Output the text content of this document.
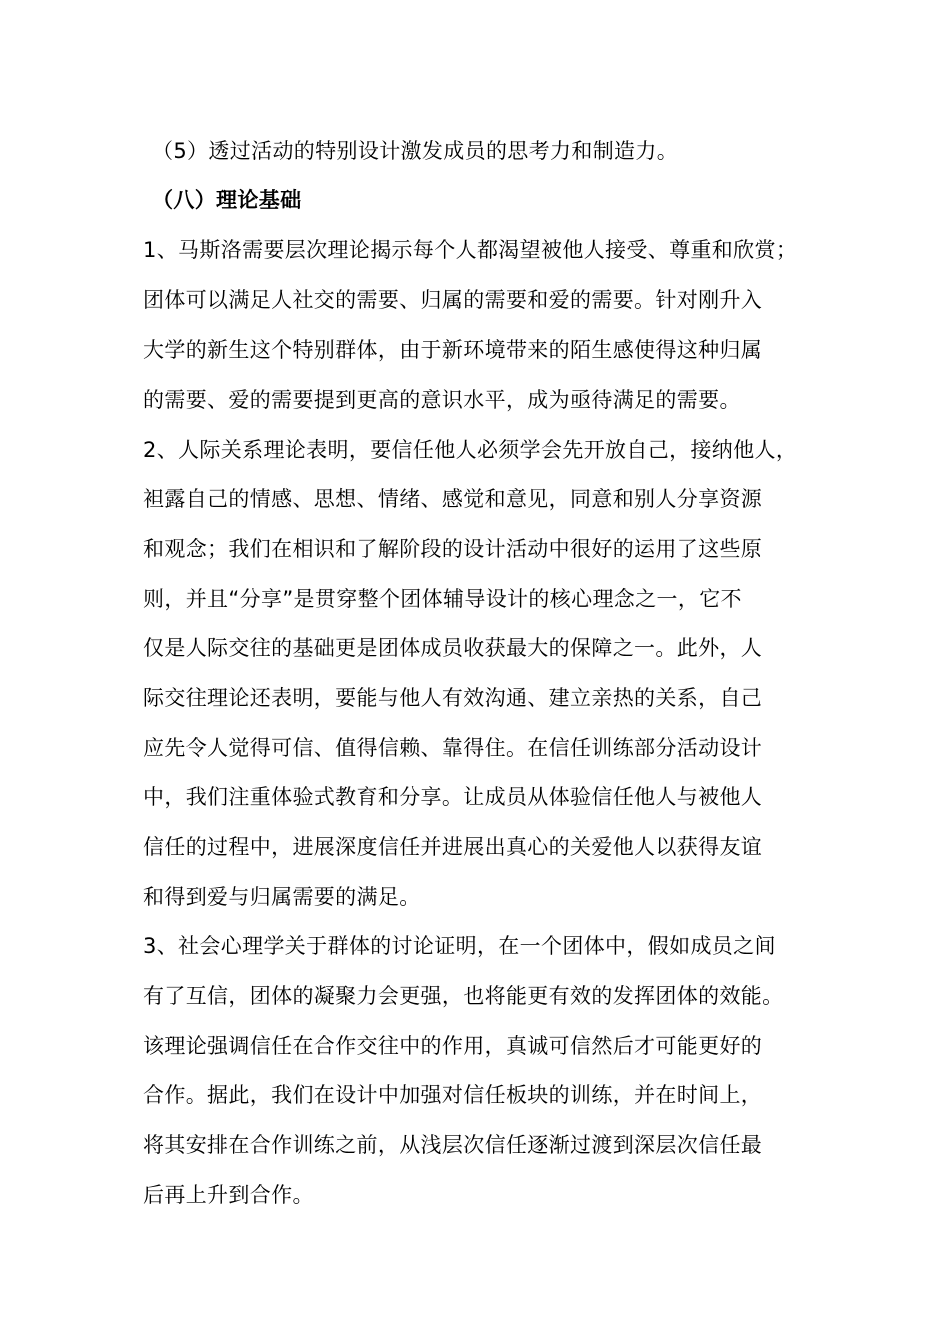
（5）透过活动的特别设计激发成员的思考力和制造力。
（八）理论基础
1、马斯洛需要层次理论揭示每个人都渴望被他人接受、尊重和欣赏；
团体可以满足人社交的需要、归属的需要和爱的需要。针对刚升入
大学的新生这个特别群体，由于新环境带来的陌生感使得这种归属
的需要、爱的需要提到更高的意识水平，成为亟待满足的需要。
2、人际关系理论表明，要信任他人必须学会先开放自己，接纳他人，
袒露自己的情感、思想、情绪、感觉和意见，同意和别人分享资源
和观念；我们在相识和了解阶段的设计活动中很好的运用了这些原
则，并且“分享”是贯穿整个团体辅导设计的核心理念之一，它不
仅是人际交往的基础更是团体成员收获最大的保障之一。此外，人
际交往理论还表明，要能与他人有效沟通、建立亲热的关系，自己
应先令人觉得可信、值得信赖、靠得住。在信任训练部分活动设计
中，我们注重体验式教育和分享。让成员从体验信任他人与被他人
信任的过程中，进展深度信任并进展出真心的关爱他人以获得友谊
和得到爱与归属需要的满足。
3、社会心理学关于群体的讨论证明，在一个团体中，假如成员之间
有了互信，团体的凝聚力会更强，也将能更有效的发挥团体的效能。
该理论强调信任在合作交往中的作用，真诚可信然后才可能更好的
合作。据此，我们在设计中加强对信任板块的训练，并在时间上，
将其安排在合作训练之前，从浅层次信任逐渐过渡到深层次信任最
后再上升到合作。
